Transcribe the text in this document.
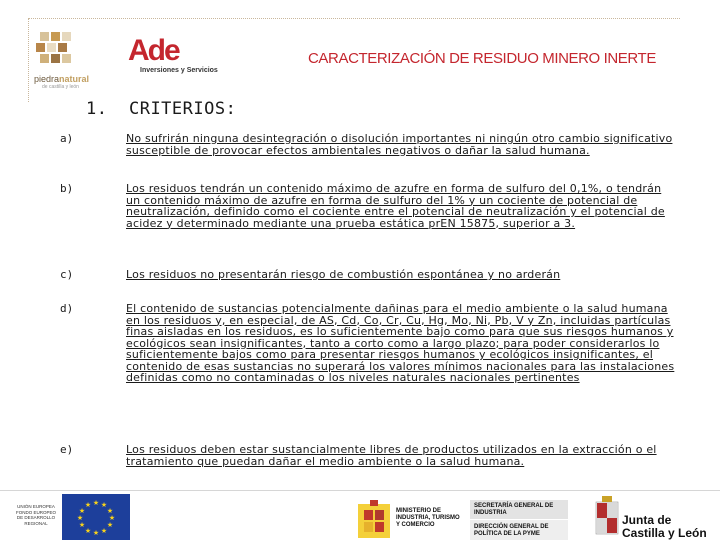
piedranatural
de castilla y león
Ade
Inversiones y Servicios
CARACTERIZACIÓN DE RESIDUO MINERO INERTE
1. CRITERIOS:
a)	No sufrirán ninguna desintegración o disolución importantes ni ningún otro cambio significativo susceptible de provocar efectos ambientales negativos o dañar la salud humana.
b)	Los residuos tendrán un contenido máximo de azufre en forma de sulfuro del 0,1%, o tendrán un contenido máximo de azufre en forma de sulfuro del 1% y un cociente de potencial de neutralización, definido como el cociente entre el potencial de neutralización y el potencial de acidez y determinado mediante una prueba estática prEN 15875, superior a 3.
c)	Los residuos no presentarán riesgo de combustión espontánea y no arderán
d)	El contenido de sustancias potencialmente dañinas para el medio ambiente o la salud humana en los residuos y, en especial, de AS, Cd, Co, Cr, Cu, Hg, Mo, Ni, Pb, V y Zn, incluidas partículas finas aisladas en los residuos, es lo suficientemente bajo como para que sus riesgos humanos y ecológicos sean insignificantes, tanto a corto como a largo plazo; para poder considerarlos lo suficientemente bajos como para presentar riesgos humanos y ecológicos insignificantes, el contenido de esas sustancias no superará los valores mínimos nacionales para las instalaciones definidas como no contaminadas o los niveles naturales nacionales pertinentes
e)	Los residuos deben estar sustancialmente libres de productos utilizados en la extracción o el tratamiento que puedan dañar el medio ambiente o la salud humana.
UNIÓN EUROPEA
FONDO EUROPEO
DE DESARROLLO
REGIONAL
★ ★
★
★
★
★
★
★
★
★
★
★
MINISTERIO DE
INDUSTRIA, TURISMO
Y COMERCIO
SECRETARÍA GENERAL DE
INDUSTRIA
DIRECCIÓN GENERAL DE
POLÍTICA DE LA PYME
Junta de
Castilla y León
